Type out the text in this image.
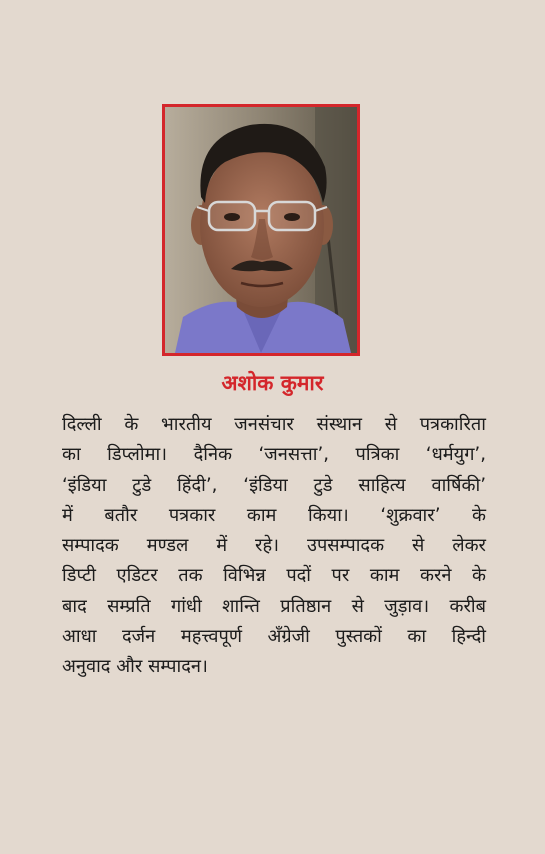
अशोक कुमार
दिल्ली के भारतीय जनसंचार संस्थान से पत्रकारिता
का डिप्लोमा। दैनिक ‘जनसत्ता’, पत्रिका ‘धर्मयुग’,
‘इंडिया टुडे हिंदी’, ‘इंडिया टुडे साहित्य वार्षिकी’
में बतौर पत्रकार काम किया। ‘शुक्रवार’ के
सम्पादक मण्डल में रहे। उपसम्पादक से लेकर
डिप्टी एडिटर तक विभिन्न पदों पर काम करने के
बाद सम्प्रति गांधी शान्ति प्रतिष्ठान से जुड़ाव। करीब
आधा दर्जन महत्त्वपूर्ण अँग्रेजी पुस्तकों का हिन्दी
अनुवाद और सम्पादन।
